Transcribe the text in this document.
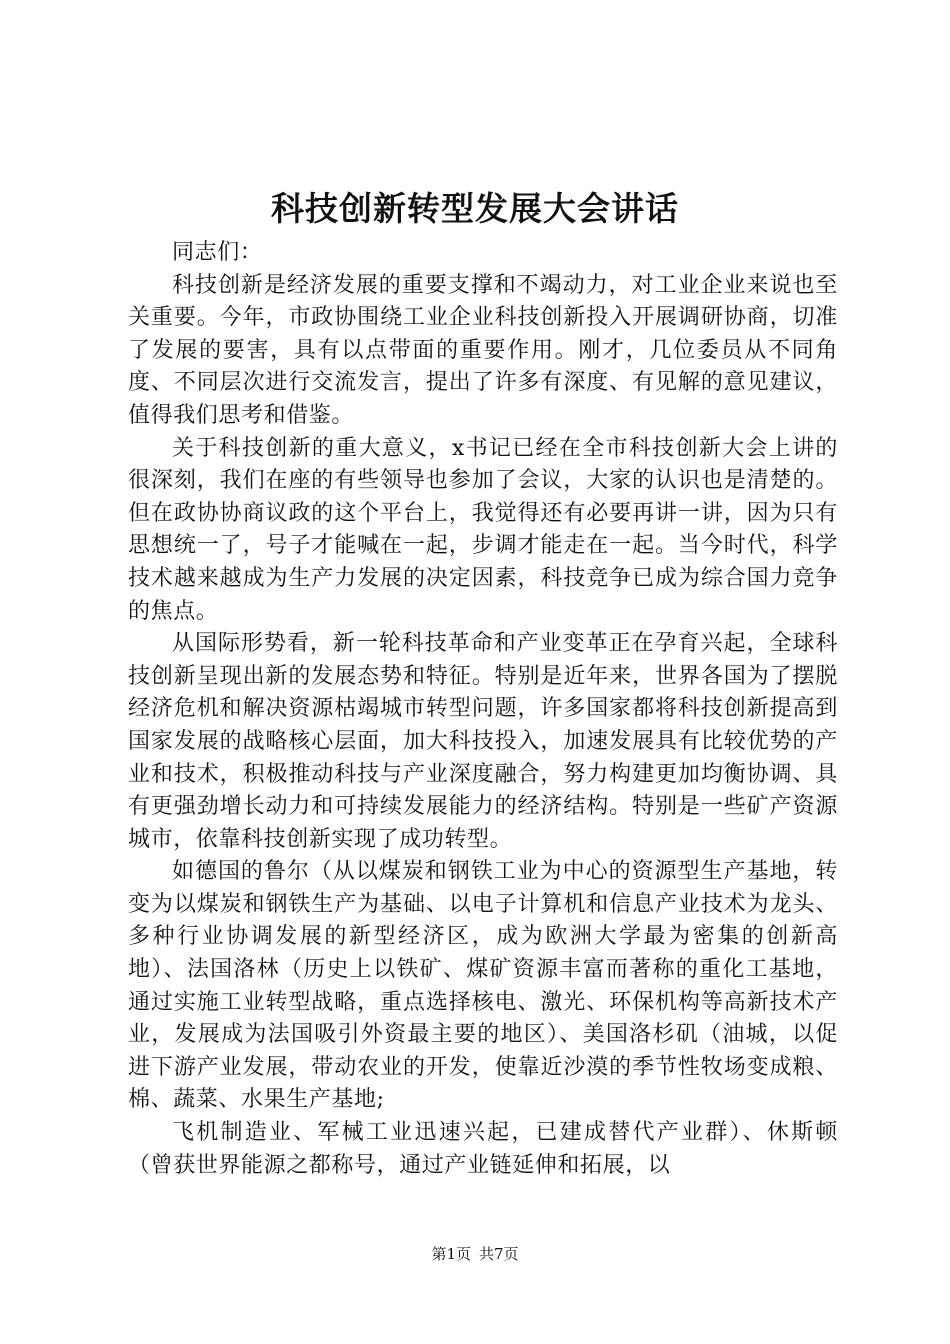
科技创新转型发展大会讲话

同志们：

科技创新是经济发展的重要支撑和不竭动力，对工业企业来说也至关重要。今年，市政协围绕工业企业科技创新投入开展调研协商，切准了发展的要害，具有以点带面的重要作用。刚才，几位委员从不同角度、不同层次进行交流发言，提出了许多有深度、有见解的意见建议，值得我们思考和借鉴。

关于科技创新的重大意义，x书记已经在全市科技创新大会上讲的很深刻，我们在座的有些领导也参加了会议，大家的认识也是清楚的。但在政协协商议政的这个平台上，我觉得还有必要再讲一讲，因为只有思想统一了，号子才能喊在一起，步调才能走在一起。当今时代，科学技术越来越成为生产力发展的决定因素，科技竞争已成为综合国力竞争的焦点。

从国际形势看，新一轮科技革命和产业变革正在孕育兴起，全球科技创新呈现出新的发展态势和特征。特别是近年来，世界各国为了摆脱经济危机和解决资源枯竭城市转型问题，许多国家都将科技创新提高到国家发展的战略核心层面，加大科技投入，加速发展具有比较优势的产业和技术，积极推动科技与产业深度融合，努力构建更加均衡协调、具有更强劲增长动力和可持续发展能力的经济结构。特别是一些矿产资源城市，依靠科技创新实现了成功转型。

如德国的鲁尔（从以煤炭和钢铁工业为中心的资源型生产基地，转变为以煤炭和钢铁生产为基础、以电子计算机和信息产业技术为龙头、多种行业协调发展的新型经济区，成为欧洲大学最为密集的创新高地）、法国洛林（历史上以铁矿、煤矿资源丰富而著称的重化工基地，通过实施工业转型战略，重点选择核电、激光、环保机构等高新技术产业，发展成为法国吸引外资最主要的地区）、美国洛杉矶（油城，以促进下游产业发展，带动农业的开发，使靠近沙漠的季节性牧场变成粮、棉、蔬菜、水果生产基地;

飞机制造业、军械工业迅速兴起，已建成替代产业群）、休斯顿（曾获世界能源之都称号，通过产业链延伸和拓展，以

第1页 共7页
